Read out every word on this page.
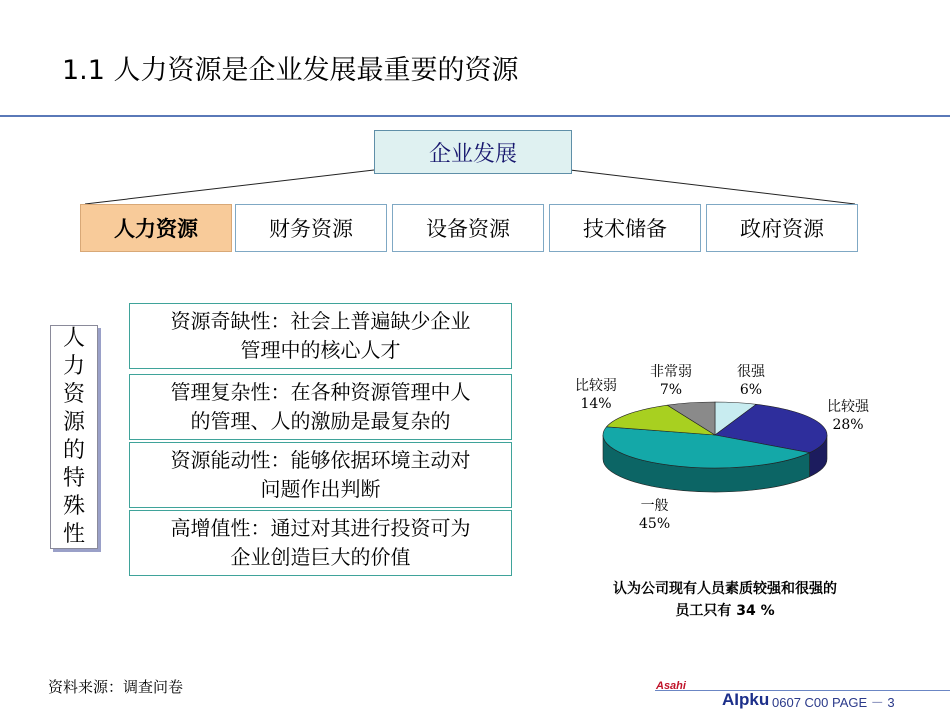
1.1 人力资源是企业发展最重要的资源
企业发展
人力资源	财务资源	设备资源	技术储备	政府资源
人
力
资
源
的
特
殊
性
资源奇缺性：社会上普遍缺少企业
管理中的核心人才
管理复杂性：在各种资源管理中人
的管理、人的激励是最复杂的
资源能动性：能够依据环境主动对
问题作出判断
高增值性：通过对其进行投资可为
企业创造巨大的价值
很强
6%
比较强
28%
一般
45%
比较弱
14%
非常弱
7%
认为公司现有人员素质较强和很强的
员工只有 34 %
资料来源：调查问卷	Asahi
AIpku 0607 C00 PAGE － 3
